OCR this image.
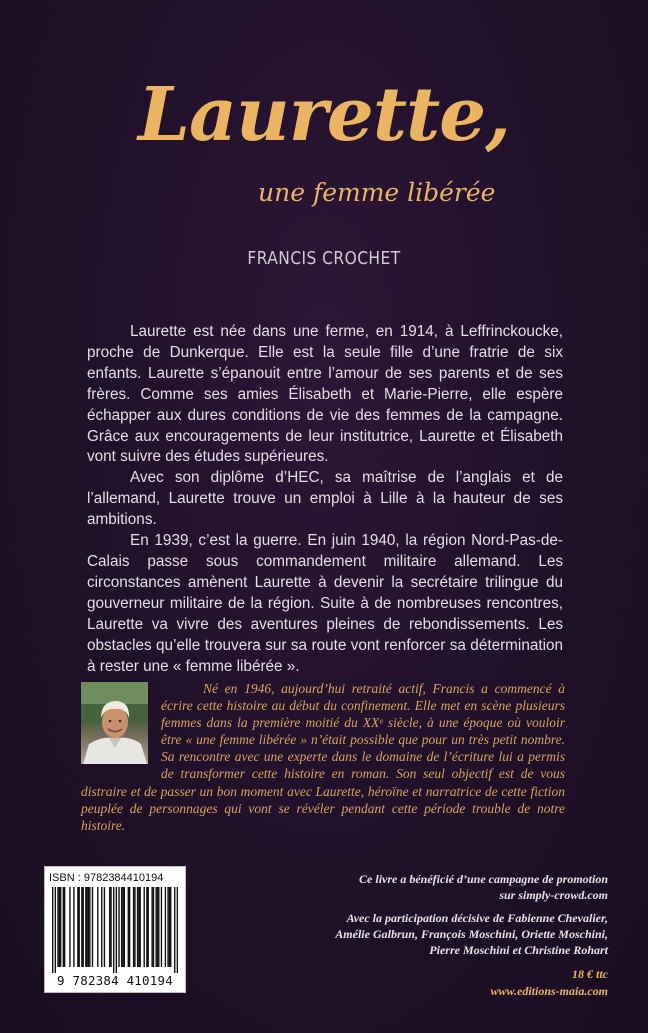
Laurette,
une femme libérée
FRANCIS CROCHET

Laurette est née dans une ferme, en 1914, à Leffrinckoucke, proche de Dunkerque. Elle est la seule fille d’une fratrie de six enfants. Laurette s’épanouit entre l’amour de ses parents et de ses frères. Comme ses amies Élisabeth et Marie-Pierre, elle espère échapper aux dures conditions de vie des femmes de la campagne. Grâce aux encouragements de leur institutrice, Laurette et Élisabeth vont suivre des études supérieures.

Avec son diplôme d’HEC, sa maîtrise de l’anglais et de l’allemand, Laurette trouve un emploi à Lille à la hauteur de ses ambitions.

En 1939, c’est la guerre. En juin 1940, la région Nord-Pas-de-Calais passe sous commandement militaire allemand. Les circonstances amènent Laurette à devenir la secrétaire trilingue du gouverneur militaire de la région. Suite à de nombreuses rencontres, Laurette va vivre des aventures pleines de rebondissements. Les obstacles qu’elle trouvera sur sa route vont renforcer sa détermination à rester une « femme libérée ».

Né en 1946, aujourd’hui retraité actif, Francis a commencé à écrire cette histoire au début du confinement. Elle met en scène plusieurs femmes dans la première moitié du XXᵉ siècle, à une époque où vouloir être « une femme libérée » n’était possible que pour un très petit nombre. Sa rencontre avec une experte dans le domaine de l’écriture lui a permis de transformer cette histoire en roman. Son seul objectif est de vous distraire et de passer un bon moment avec Laurette, héroïne et narratrice de cette fiction peuplée de personnages qui vont se révéler pendant cette période trouble de notre histoire.
ISBN : 9782384410194
9 782384 410194
Ce livre a bénéficié d’une campagne de promotion
sur simply-crowd.com
Avec la participation décisive de Fabienne Chevalier,
Amélie Galbrun, François Moschini, Oriette Moschini,
Pierre Moschini et Christine Rohart
18 € ttc
www.editions-maia.com
